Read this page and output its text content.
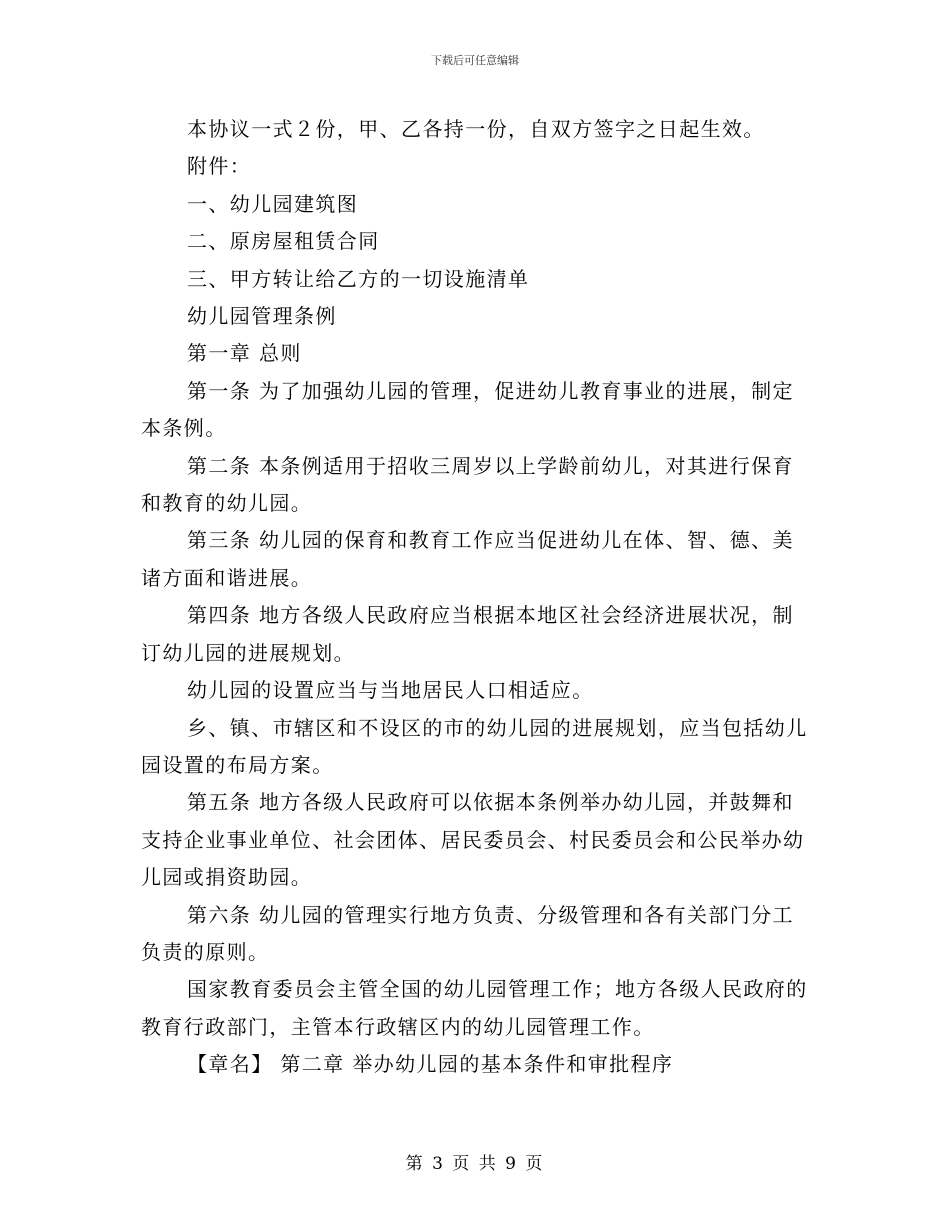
下载后可任意编辑

本协议一式２份，甲、乙各持一份，自双方签字之日起生效。

附件：

一、幼儿园建筑图

二、原房屋租赁合同

三、甲方转让给乙方的一切设施清单

幼儿园管理条例

第一章 总则

第一条 为了加强幼儿园的管理，促进幼儿教育事业的进展，制定本条例。

第二条 本条例适用于招收三周岁以上学龄前幼儿，对其进行保育和教育的幼儿园。

第三条 幼儿园的保育和教育工作应当促进幼儿在体、智、德、美诸方面和谐进展。

第四条 地方各级人民政府应当根据本地区社会经济进展状况，制订幼儿园的进展规划。

幼儿园的设置应当与当地居民人口相适应。

乡、镇、市辖区和不设区的市的幼儿园的进展规划，应当包括幼儿园设置的布局方案。

第五条 地方各级人民政府可以依据本条例举办幼儿园，并鼓舞和支持企业事业单位、社会团体、居民委员会、村民委员会和公民举办幼儿园或捐资助园。

第六条 幼儿园的管理实行地方负责、分级管理和各有关部门分工负责的原则。

国家教育委员会主管全国的幼儿园管理工作；地方各级人民政府的教育行政部门，主管本行政辖区内的幼儿园管理工作。

【章名】 第二章 举办幼儿园的基本条件和审批程序

第 3 页 共 9 页
